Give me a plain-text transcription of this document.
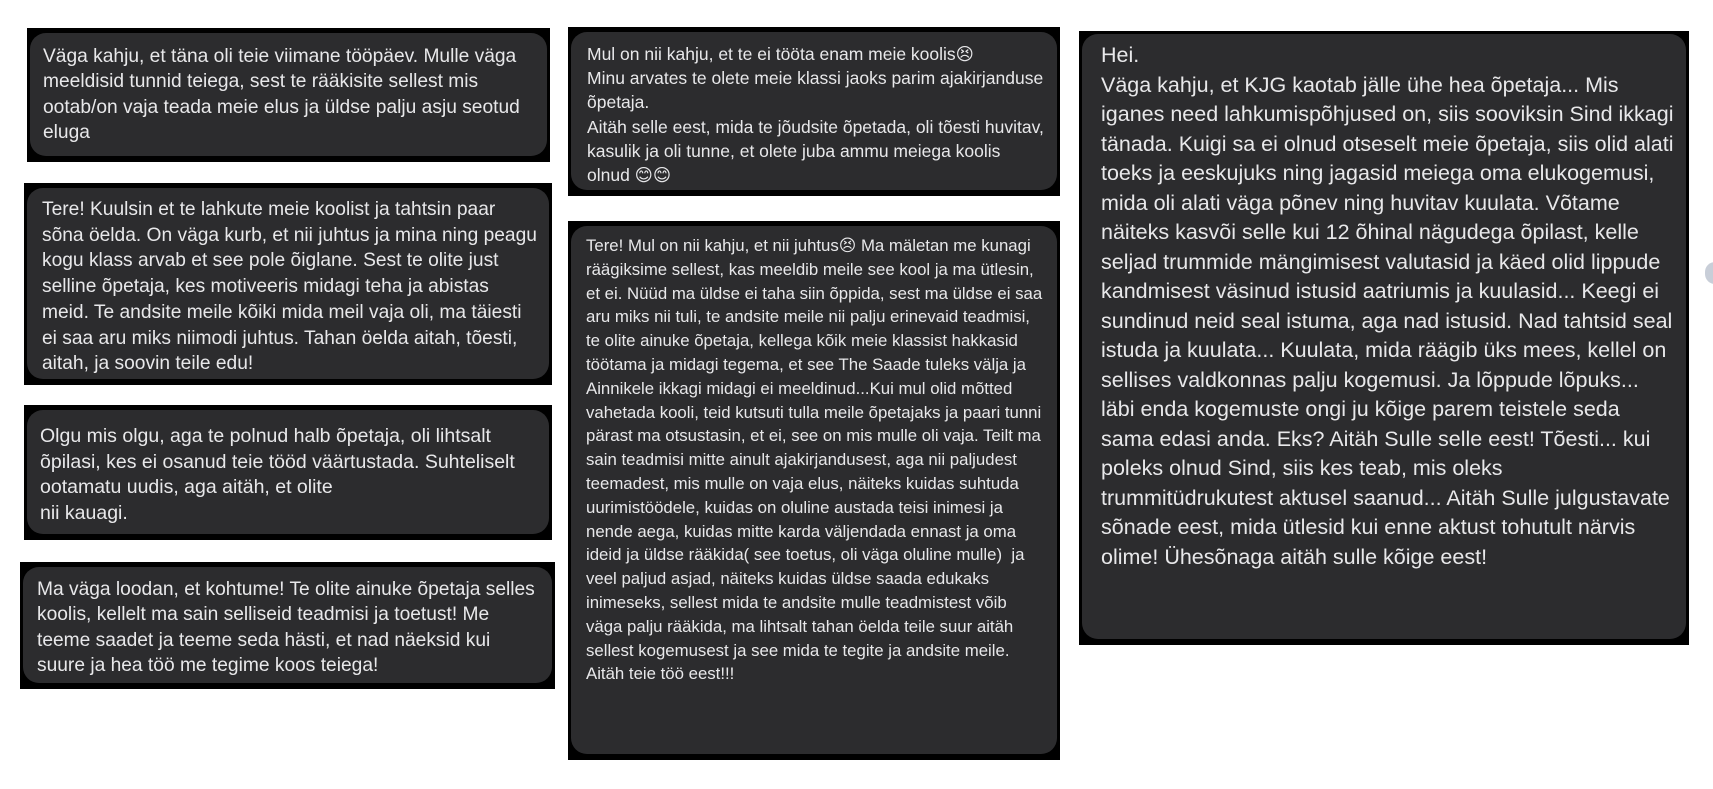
Väga kahju, et täna oli teie viimane tööpäev. Mulle väga meeldisid tunnid teiega, sest te rääkisite sellest mis ootab/on vaja teada meie elus ja üldse palju asju seotud eluga

Tere! Kuulsin et te lahkute meie koolist ja tahtsin paar sõna öelda. On väga kurb, et nii juhtus ja mina ning peagu kogu klass arvab et see pole õiglane. Sest te olite just selline õpetaja, kes motiveeris midagi teha ja abistas meid. Te andsite meile kõiki mida meil vaja oli, ma täiesti ei saa aru miks niimodi juhtus. Tahan öelda aitah, tõesti, aitah, ja soovin teile edu!

Olgu mis olgu, aga te polnud halb õpetaja, oli lihtsalt õpilasi, kes ei osanud teie tööd väärtustada. Suhteliselt ootamatu uudis, aga aitäh, et olite
nii kauagi.

Ma väga loodan, et kohtume! Te olite ainuke õpetaja selles koolis, kellelt ma sain selliseid teadmisi ja toetust! Me teeme saadet ja teeme seda hästi, et nad näeksid kui suure ja hea töö me tegime koos teiega!

Mul on nii kahju, et te ei tööta enam meie koolis😣
Minu arvates te olete meie klassi jaoks parim ajakirjanduse õpetaja.
Aitäh selle eest, mida te jõudsite õpetada, oli tõesti huvitav, kasulik ja oli tunne, et olete juba ammu meiega koolis olnud 😊😊

Tere! Mul on nii kahju, et nii juhtus😣 Ma mäletan me kunagi räägiksime sellest, kas meeldib meile see kool ja ma ütlesin, et ei. Nüüd ma üldse ei taha siin õppida, sest ma üldse ei saa aru miks nii tuli, te andsite meile nii palju erinevaid teadmisi, te olite ainuke õpetaja, kellega kõik meie klassist hakkasid töötama ja midagi tegema, et see The Saade tuleks välja ja Ainnikele ikkagi midagi ei meeldinud...Kui mul olid mõtted vahetada kooli, teid kutsuti tulla meile õpetajaks ja paari tunni pärast ma otsustasin, et ei, see on mis mulle oli vaja. Teilt ma sain teadmisi mitte ainult ajakirjandusest, aga nii paljudest teemadest, mis mulle on vaja elus, näiteks kuidas suhtuda uurimistöödele, kuidas on oluline austada teisi inimesi ja nende aega, kuidas mitte karda väljendada ennast ja oma ideid ja üldse rääkida( see toetus, oli väga oluline mulle)  ja veel paljud asjad, näiteks kuidas üldse saada edukaks inimeseks, sellest mida te andsite mulle teadmistest võib väga palju rääkida, ma lihtsalt tahan öelda teile suur aitäh sellest kogemusest ja see mida te tegite ja andsite meile. Aitäh teie töö eest!!!

Hei.
Väga kahju, et KJG kaotab jälle ühe hea õpetaja... Mis iganes need lahkumispõhjused on, siis sooviksin Sind ikkagi tänada. Kuigi sa ei olnud otseselt meie õpetaja, siis olid alati toeks ja eeskujuks ning jagasid meiega oma elukogemusi, mida oli alati väga põnev ning huvitav kuulata. Võtame näiteks kasvõi selle kui 12 õhinal nägudega õpilast, kelle seljad trummide mängimisest valutasid ja käed olid lippude kandmisest väsinud istusid aatriumis ja kuulasid... Keegi ei sundinud neid seal istuma, aga nad istusid. Nad tahtsid seal istuda ja kuulata... Kuulata, mida räägib üks mees, kellel on sellises valdkonnas palju kogemusi. Ja lõppude lõpuks... läbi enda kogemuste ongi ju kõige parem teistele seda sama edasi anda. Eks? Aitäh Sulle selle eest! Tõesti... kui poleks olnud Sind, siis kes teab, mis oleks trummitüdrukutest aktusel saanud... Aitäh Sulle julgustavate sõnade eest, mida ütlesid kui enne aktust tohutult närvis olime! Ühesõnaga aitäh sulle kõige eest!
